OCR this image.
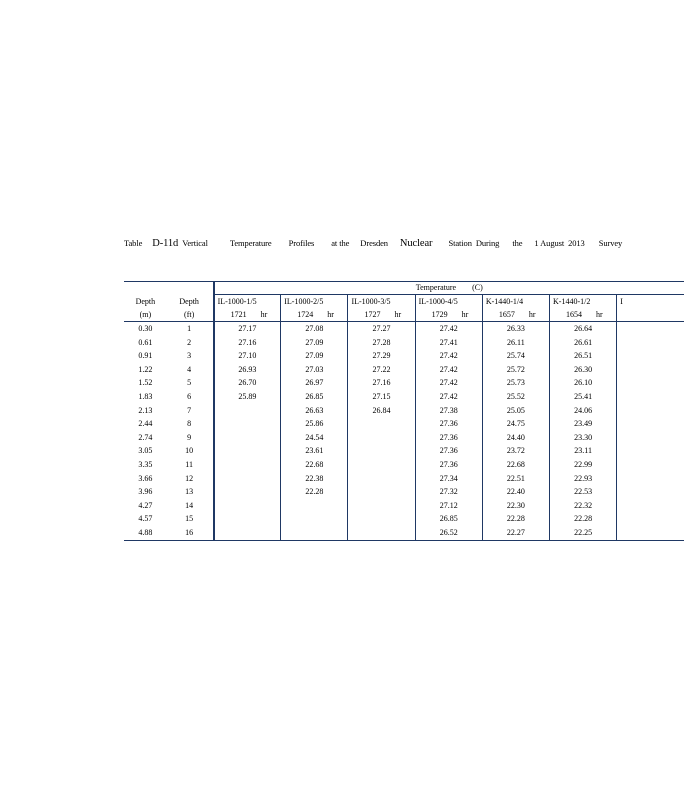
Table D-11d Vertical	Temperature Profiles at the Dresden Nuclear Station During the 1 August 2013 Survey
			Temperature        (C)						
Depth	Depth		IL-1000-1/5	IL-1000-2/5	IL-1000-3/5	IL-1000-4/5	K-1440-1/4	K-1440-1/2	I
(m)	(ft)		1721 hr	1724 hr	1727 hr	1729 hr	1657 hr	1654 hr	
0.30	1		27.17	27.08	27.27	27.42	26.33	26.64	
0.61	2		27.16	27.09	27.28	27.41	26.11	26.61	
0.91	3		27.10	27.09	27.29	27.42	25.74	26.51	
1.22	4		26.93	27.03	27.22	27.42	25.72	26.30	
1.52	5		26.70	26.97	27.16	27.42	25.73	26.10	
1.83	6		25.89	26.85	27.15	27.42	25.52	25.41	
2.13	7			26.63	26.84	27.38	25.05	24.06	
2.44	8			25.86		27.36	24.75	23.49	
2.74	9			24.54		27.36	24.40	23.30	
3.05	10			23.61		27.36	23.72	23.11	
3.35	11			22.68		27.36	22.68	22.99	
3.66	12			22.38		27.34	22.51	22.93	
3.96	13			22.28		27.32	22.40	22.53	
4.27	14					27.12	22.30	22.32	
4.57	15					26.85	22.28	22.28	
4.88	16					26.52	22.27	22.25	
